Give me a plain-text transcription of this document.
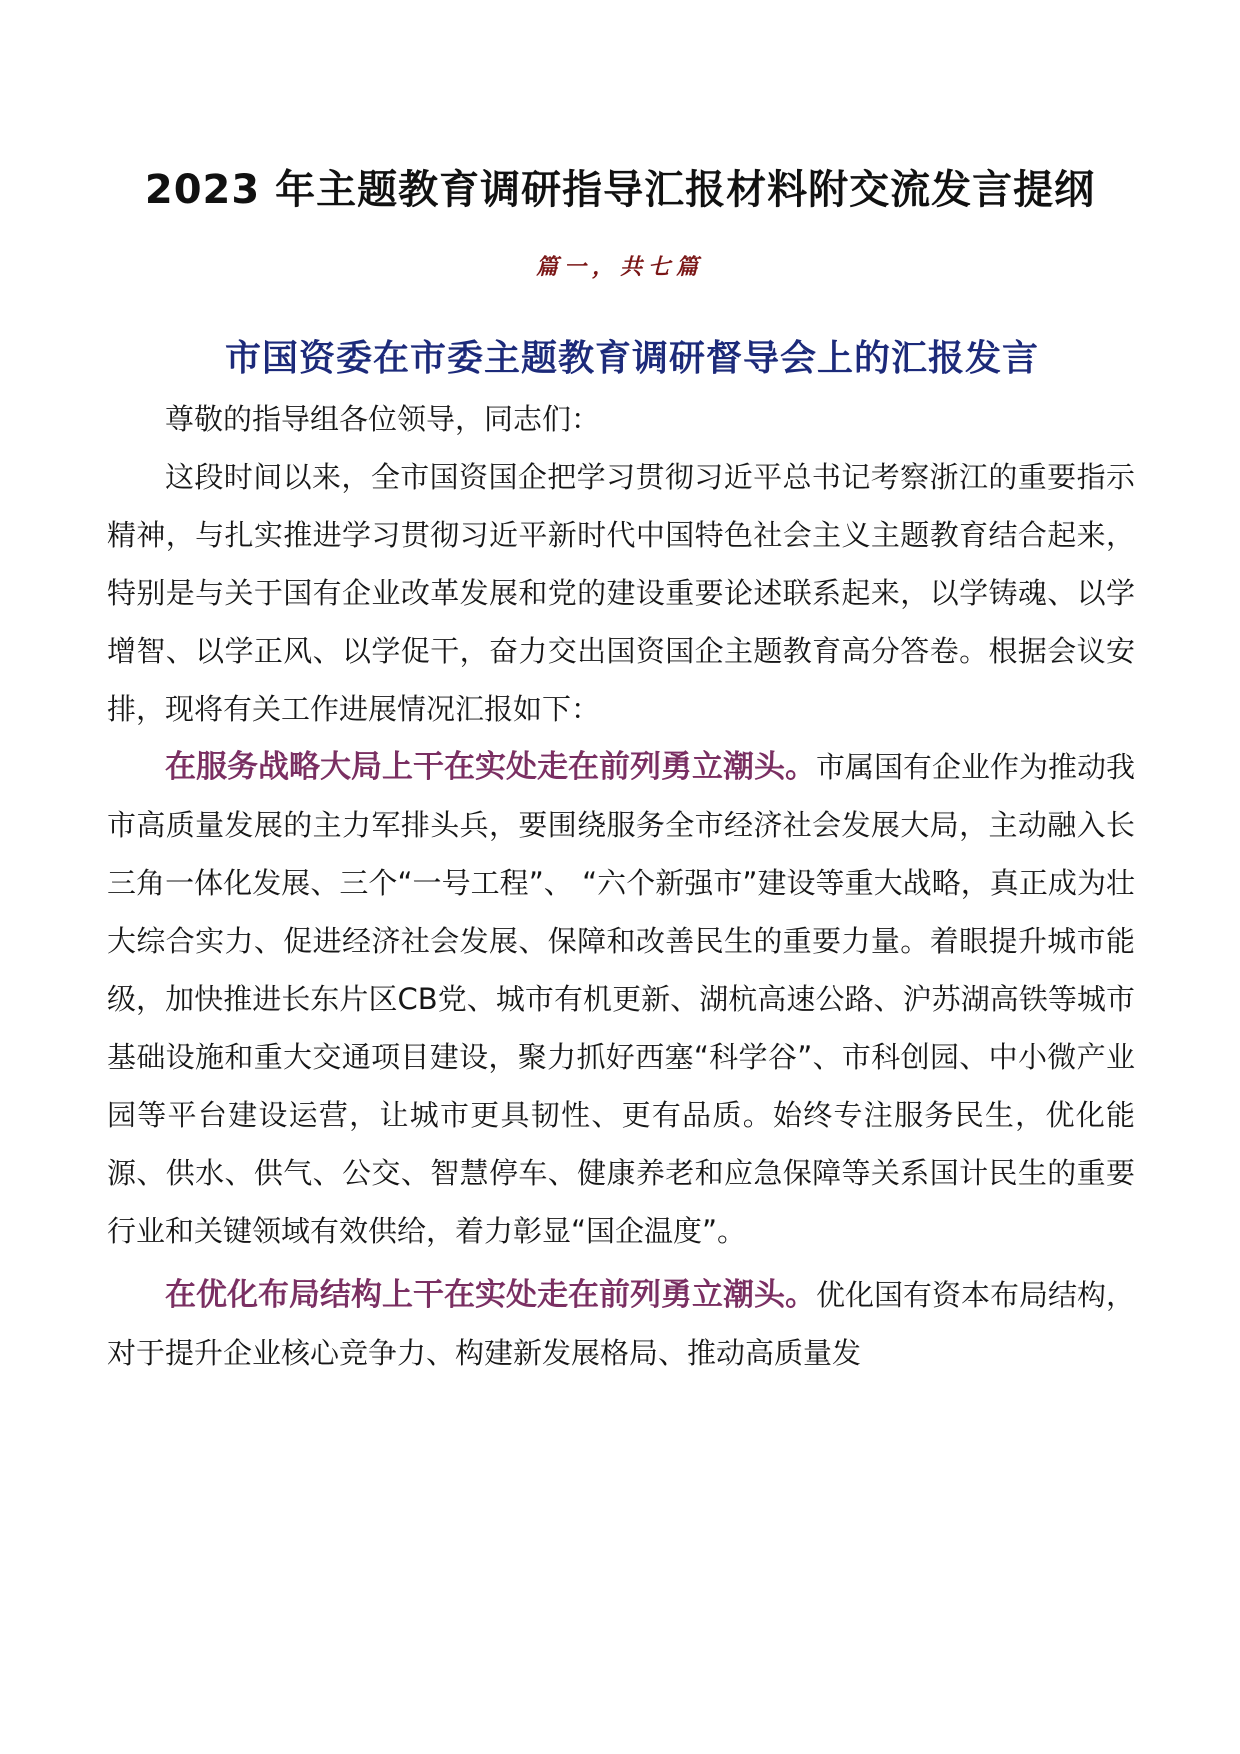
2023 年主题教育调研指导汇报材料附交流发言提纲
篇一，共七篇
市国资委在市委主题教育调研督导会上的汇报发言

尊敬的指导组各位领导，同志们：

这段时间以来，全市国资国企把学习贯彻习近平总书记考察浙江的重要指示精神，与扎实推进学习贯彻习近平新时代中国特色社会主义主题教育结合起来，特别是与关于国有企业改革发展和党的建设重要论述联系起来，以学铸魂、以学增智、以学正风、以学促干，奋力交出国资国企主题教育高分答卷。根据会议安排，现将有关工作进展情况汇报如下：

在服务战略大局上干在实处走在前列勇立潮头。市属国有企业作为推动我市高质量发展的主力军排头兵，要围绕服务全市经济社会发展大局，主动融入长三角一体化发展、三个“一号工程”、 “六个新强市”建设等重大战略，真正成为壮大综合实力、促进经济社会发展、保障和改善民生的重要力量。着眼提升城市能级，加快推进长东片区CB党、城市有机更新、湖杭高速公路、沪苏湖高铁等城市基础设施和重大交通项目建设，聚力抓好西塞“科学谷”、市科创园、中小微产业园等平台建设运营，让城市更具韧性、更有品质。始终专注服务民生，优化能源、供水、供气、公交、智慧停车、健康养老和应急保障等关系国计民生的重要行业和关键领域有效供给，着力彰显“国企温度”。

在优化布局结构上干在实处走在前列勇立潮头。优化国有资本布局结构，对于提升企业核心竞争力、构建新发展格局、推动高质量发
